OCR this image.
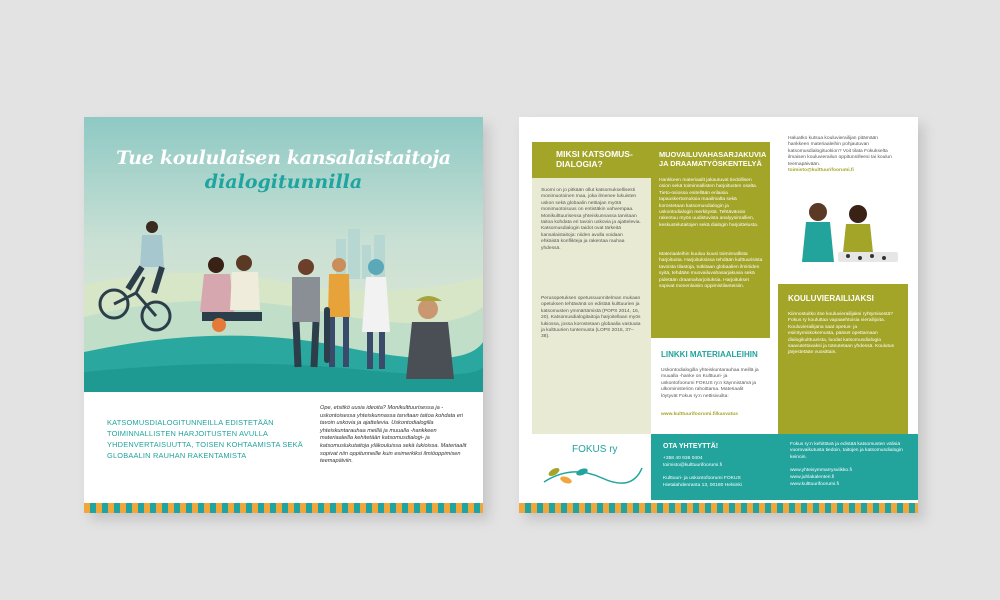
Tue koululaisen kansalaistaitoja
dialogitunnilla
KATSOMUSDIALOGITUNNEILLA EDISTETÄÄN TOIMINNALLISTEN HARJOITUSTEN AVULLA YHDENVERTAISUUTTA, TOISEN KOHTAAMISTA SEKÄ GLOBAALIN RAUHAN RAKENTAMISTA
Ope, etsitkö uusia ideoita? Monikulttuurisessa ja -uskontoisessa yhteiskunnassa tarvitaan taitoa kohdata eri tavoin uskovia ja ajattelevia. Uskontodialogilla yhteiskuntarauhaa meillä ja muualla -hankkeen materiaaleilla kehitetään katsomusdialogi- ja katsomuslukutaitoja yläkouluissa sekä lukioissa. Materiaalit sopivat niin oppitunneille kuin esimerkiksi ilmiöoppimisen teemapäiviin.
MIKSI KATSOMUS-DIALOGIA?
Suomi on jo pitkään ollut katsomuksellisesti monimuotoinen maa, joka ilmenee lukuisten uskon sekä globaalin nettiajan myötä monimuotoisuus on entistäkin vahvempaa. Monikulttuurisessa yhteiskunnassa tarvitaan taitoa kohdata eri tavoin uskovia ja ajattelevia. Katsomusdialogin taidot ovat tärkeitä kansalaistaitoja: niiden avulla voidaan ehkäistä konflikteja ja rakentaa rauhaa yhdessä.
Perusopetuksen opetussuunnitelman mukaan opetuksen tehtävänä on edistää kulttuurien ja katsomusten ymmärtämistä (POPS 2014, 16, 20). Katsomusdialogitaitoja harjoitellaan myös lukiossa, jossa korostetaan globaalia vastuuta ja kulttuurien tuntemusta (LOPS 2015, 37–38).
MUOVAILUVAHASARJAKUVIA JA DRAAMATYÖSKENTELYÄ
Hankkeen materiaalit jakautuvat tiedollisen osion sekä toiminnallisten harjoitusten osalta. Tieto-osiossa esitellään erilaisia tapauskertomuksia maailmalta sekä korostetaan katsomusdialogin ja uskontodialogin merkitystä. Tehtäväosio rakentuu myös uudistuvista analyysimallien, keskustelutaitojen sekä dialogin harjoittelusta.
Materiaaleihin kuuluu kuusi toiminnallista harjoitusta. Harjoituksissa tehdään kulttuurisista tavoista tilastoja, tutkitaan globaalien ilmiöiden syitä, tehdään muovailuvahasarjakuvia sekä pidetään draamaharjoituksia. Harjoitukset sopivat monenlaisiin oppimistilanteisiin.
LINKKI MATERIAALEIHIN
Uskontodialogilla yhteiskuntarauhaa meillä ja muualla -hanke on Kulttuuri- ja uskontofoorumi FOKUS ry:n käynnistämä ja ulkoministeriön rahoittama. Materiaalit löytyvät Fokus ry:n nettisivuilta:
www.kulttuurifoorumi.fi/kasvatus
Haluatko kutsua kouluvierailijan pitämään hankkeen materiaaleihin pohjautuvan katsomusdialogituokion? Voit tilata Fokukselta ilmaisen kouluvierailun oppitunnilleesi tai koulun teemapäivään.
toimisto@kulttuurifoorumi.fi
KOULUVIERAILIJAKSI
Kiinnostuitko itse kouluvierailijaksi ryhtymisestä? Fokus ry kouluttaa vapaaehtoisia vierailijoita. Kouluvierailijana saat opetus- ja esiintymiskokemusta, pääset opettamaan dialogikulttuurista, luodat katsomusdialogia saavutettavaksi ja toteutetaan yhdessä. Koulutus järjestetään vuosittain.
FOKUS ry	OTA YHTEYTTÄ!
+358 40 936 0404
toimisto@kulttuurifoorumi.fi
Kulttuuri- ja uskontofoorumi FOKUS
Hietalahdenranta 13, 00180 Helsinki
Fokus ry:n kehittävä ja edistää katsomusten välisiä vuorovaikutusta tiedoin, taitojen ja katsomusdialogin keinoin.
www.yhteisymmarrysviikko.fi
www.juhlakalenteri.fi
www.kulttuurifoorumi.fi
